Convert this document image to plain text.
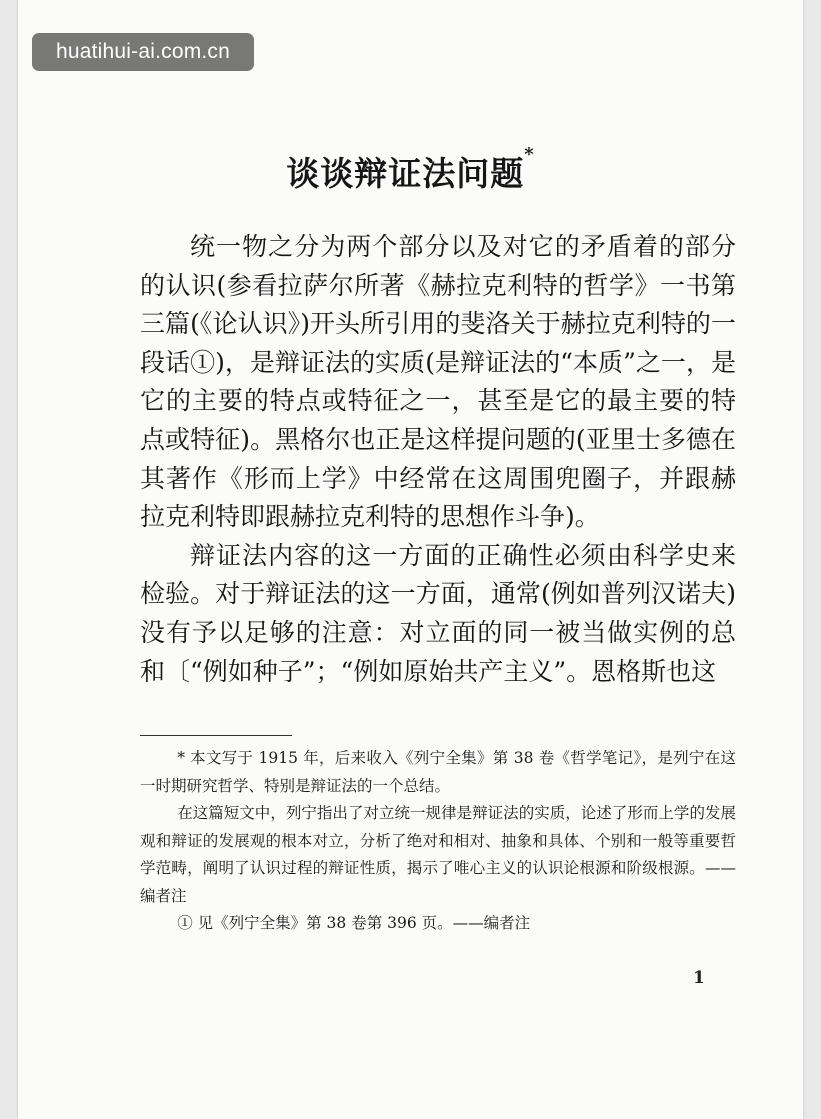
谈谈辩证法问题*

统一物之分为两个部分以及对它的矛盾着的部分的认识(参看拉萨尔所著《赫拉克利特的哲学》一书第三篇(《论认识》)开头所引用的斐洛关于赫拉克利特的一段话①)，是辩证法的实质(是辩证法的“本质”之一，是它的主要的特点或特征之一，甚至是它的最主要的特点或特征)。黑格尔也正是这样提问题的(亚里士多德在其著作《形而上学》中经常在这周围兜圈子，并跟赫拉克利特即跟赫拉克利特的思想作斗争)。

辩证法内容的这一方面的正确性必须由科学史来检验。对于辩证法的这一方面，通常(例如普列汉诺夫)没有予以足够的注意：对立面的同一被当做实例的总和〔“例如种子”；“例如原始共产主义”。恩格斯也这

* 本文写于 1915 年，后来收入《列宁全集》第 38 卷《哲学笔记》，是列宁在这一时期研究哲学、特别是辩证法的一个总结。

在这篇短文中，列宁指出了对立统一规律是辩证法的实质，论述了形而上学的发展观和辩证的发展观的根本对立，分析了绝对和相对、抽象和具体、个别和一般等重要哲学范畴，阐明了认识过程的辩证性质，揭示了唯心主义的认识论根源和阶级根源。——编者注

① 见《列宁全集》第 38 卷第 396 页。——编者注

1
huatihui-ai.com.cn
